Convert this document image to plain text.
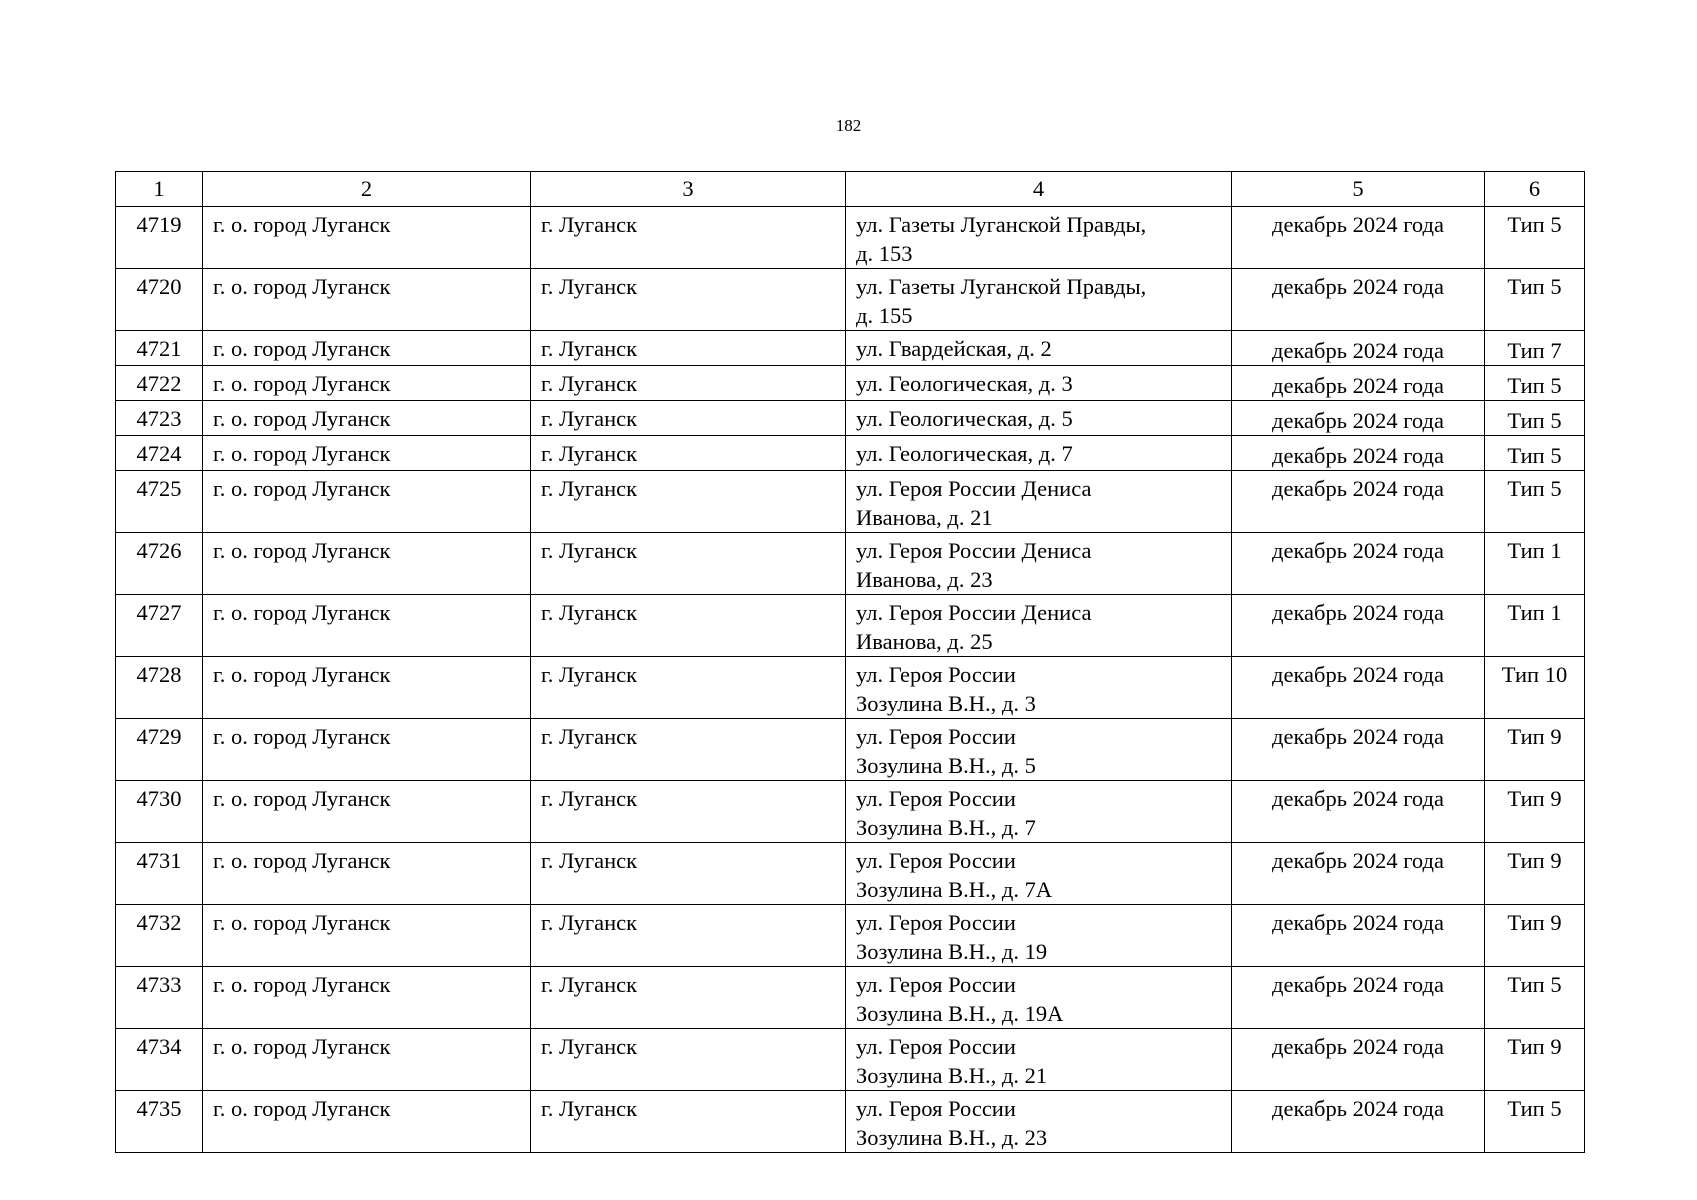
182
1	2	3	4	5	6
4719	г. о. город Луганск	г. Луганск	ул. Газеты Луганской Правды,
д. 153	декабрь 2024 года	Тип 5
4720	г. о. город Луганск	г. Луганск	ул. Газеты Луганской Правды,
д. 155	декабрь 2024 года	Тип 5
4721	г. о. город Луганск	г. Луганск	ул. Гвардейская, д. 2	декабрь 2024 года	Тип 7
4722	г. о. город Луганск	г. Луганск	ул. Геологическая, д. 3	декабрь 2024 года	Тип 5
4723	г. о. город Луганск	г. Луганск	ул. Геологическая, д. 5	декабрь 2024 года	Тип 5
4724	г. о. город Луганск	г. Луганск	ул. Геологическая, д. 7	декабрь 2024 года	Тип 5
4725	г. о. город Луганск	г. Луганск	ул. Героя России Дениса
Иванова, д. 21	декабрь 2024 года	Тип 5
4726	г. о. город Луганск	г. Луганск	ул. Героя России Дениса
Иванова, д. 23	декабрь 2024 года	Тип 1
4727	г. о. город Луганск	г. Луганск	ул. Героя России Дениса
Иванова, д. 25	декабрь 2024 года	Тип 1
4728	г. о. город Луганск	г. Луганск	ул. Героя России
Зозулина В.Н., д. 3	декабрь 2024 года	Тип 10
4729	г. о. город Луганск	г. Луганск	ул. Героя России
Зозулина В.Н., д. 5	декабрь 2024 года	Тип 9
4730	г. о. город Луганск	г. Луганск	ул. Героя России
Зозулина В.Н., д. 7	декабрь 2024 года	Тип 9
4731	г. о. город Луганск	г. Луганск	ул. Героя России
Зозулина В.Н., д. 7А	декабрь 2024 года	Тип 9
4732	г. о. город Луганск	г. Луганск	ул. Героя России
Зозулина В.Н., д. 19	декабрь 2024 года	Тип 9
4733	г. о. город Луганск	г. Луганск	ул. Героя России
Зозулина В.Н., д. 19А	декабрь 2024 года	Тип 5
4734	г. о. город Луганск	г. Луганск	ул. Героя России
Зозулина В.Н., д. 21	декабрь 2024 года	Тип 9
4735	г. о. город Луганск	г. Луганск	ул. Героя России
Зозулина В.Н., д. 23	декабрь 2024 года	Тип 5
